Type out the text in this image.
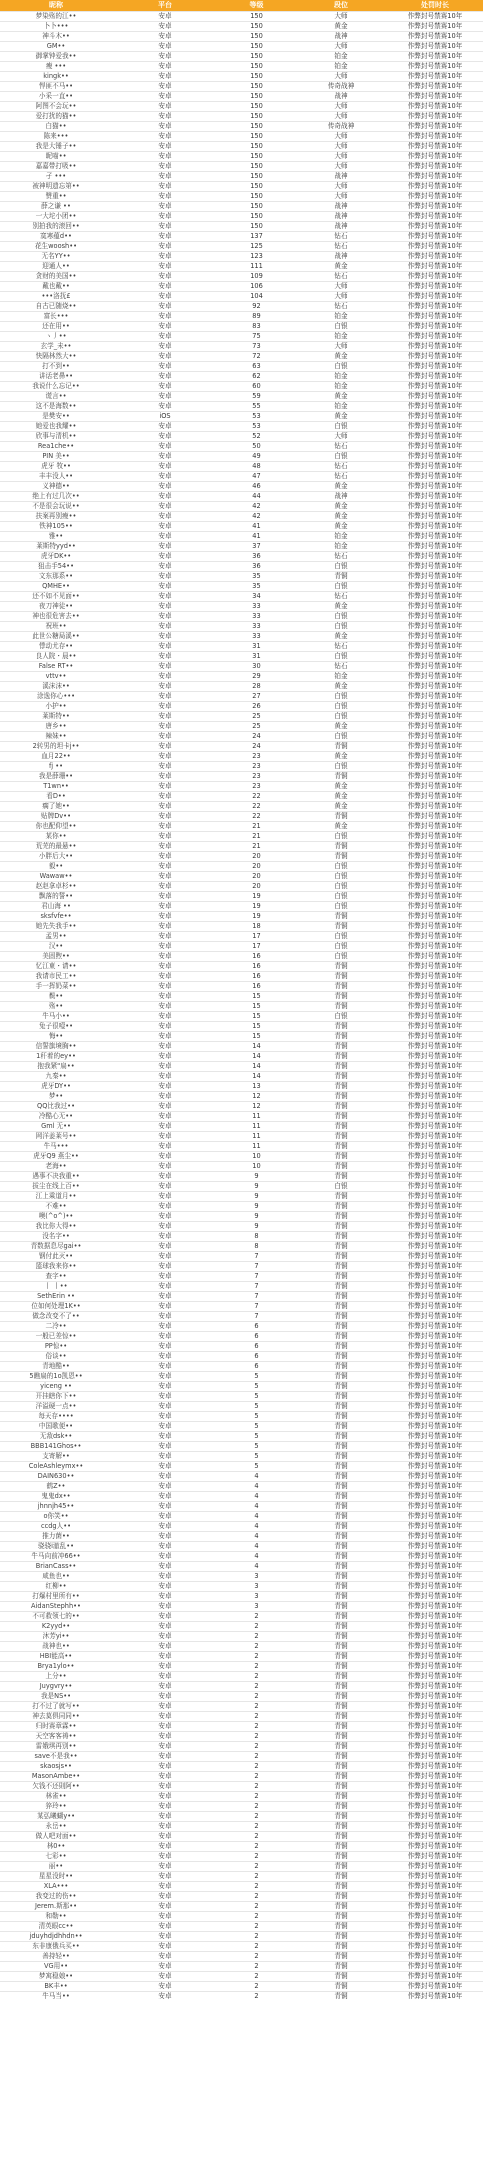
昵称	平台	等级	段位	处罚时长
梦染殇的江••	安卓	150	大师	作弊封号禁赛10年
卜卜•••	安卓	150	黄金	作弊封号禁赛10年
神斗木••	安卓	150	战神	作弊封号禁赛10年
GM••	安卓	150	大师	作弊封号禁赛10年
御掌钟爱我••	安卓	150	铂金	作弊封号禁赛10年
瘦 •••	安卓	150	铂金	作弊封号禁赛10年
kingk••	安卓	150	大师	作弊封号禁赛10年
悍匪不马••	安卓	150	传奇战神	作弊封号禁赛10年
小采一直••	安卓	150	战神	作弊封号禁赛10年
阿图不会玩••	安卓	150	大师	作弊封号禁赛10年
爱打扰的猫••	安卓	150	大师	作弊封号禁赛10年
白猫••	安卓	150	传奇战神	作弊封号禁赛10年
陈来•••	安卓	150	大师	作弊封号禁赛10年
我是大锤子••	安卓	150	大师	作弊封号禁赛10年
昵喵••	安卓	150	大师	作弊封号禁赛10年
嘉嘉带打吸••	安卓	150	大师	作弊封号禁赛10年
孑 •••	安卓	150	战神	作弊封号禁赛10年
被神明遗忘第••	安卓	150	大师	作弊封号禁赛10年
赞重••	安卓	150	大师	作弊封号禁赛10年
薛之谦 ••	安卓	150	战神	作弊封号禁赛10年
一大坨小团••	安卓	150	战神	作弊封号禁赛10年
别拍我的滚回••	安卓	150	战神	作弊封号禁赛10年
寞寒蕴d••	安卓	137	钻石	作弊封号禁赛10年
花生woosh••	安卓	125	钻石	作弊封号禁赛10年
无名YY••	安卓	123	战神	作弊封号禁赛10年
迎通人••	安卓	111	黄金	作弊封号禁赛10年
贪财的美国••	安卓	109	钻石	作弊封号禁赛10年
戴也戴••	安卓	106	大师	作弊封号禁赛10年
•••洛抚£	安卓	104	大师	作弊封号禁赛10年
自古已随烧••	安卓	92	钻石	作弊封号禁赛10年
富长•••	安卓	89	铂金	作弊封号禁赛10年
还在用••	安卓	83	白银	作弊封号禁赛10年
ヽ丿••	安卓	75	铂金	作弊封号禁赛10年
玄学_未••	安卓	73	大师	作弊封号禁赛10年
快隔林然大••	安卓	72	黄金	作弊封号禁赛10年
打不到••	安卓	63	白银	作弊封号禁赛10年
讲话老鼻••	安卓	62	铂金	作弊封号禁赛10年
我说什么忘记••	安卓	60	铂金	作弊封号禁赛10年
谎言••	安卓	59	黄金	作弊封号禁赛10年
这不是海数••	安卓	55	铂金	作弊封号禁赛10年
是樊安••	iOS	53	黄金	作弊封号禁赛10年
她爱也我耀••	安卓	53	白银	作弊封号禁赛10年
欣事与清机••	安卓	52	大师	作弊封号禁赛10年
Rea1che••	安卓	50	钻石	作弊封号禁赛10年
PIN 美••	安卓	49	白银	作弊封号禁赛10年
虎牙 牧••	安卓	48	钻石	作弊封号禁赛10年
丰丰没人••	安卓	47	钻石	作弊封号禁赛10年
义神德••	安卓	46	黄金	作弊封号禁赛10年
绝上有过几次••	安卓	44	战神	作弊封号禁赛10年
不是很会玩说••	安卓	42	黄金	作弊封号禁赛10年
扶案再别瘦••	安卓	42	黄金	作弊封号禁赛10年
铁神105••	安卓	41	黄金	作弊封号禁赛10年
雅••	安卓	41	铂金	作弊封号禁赛10年
莱斯特yyd••	安卓	37	铂金	作弊封号禁赛10年
虎牙DK••	安卓	36	钻石	作弊封号禁赛10年
狙击手54••	安卓	36	白银	作弊封号禁赛10年
文东那系••	安卓	35	青铜	作弊封号禁赛10年
QMHE••	安卓	35	白银	作弊封号禁赛10年
还不如不见面••	安卓	34	钻石	作弊封号禁赛10年
夜刀神徒••	安卓	33	黄金	作弊封号禁赛10年
神也很危害去••	安卓	33	白银	作弊封号禁赛10年
祝班••	安卓	33	白银	作弊封号禁赛10年
此世公糖局溪••	安卓	33	黄金	作弊封号禁赛10年
悸动尤存••	安卓	31	钻石	作弊封号禁赛10年
良人院・晨••	安卓	31	白银	作弊封号禁赛10年
False RT••	安卓	30	钻石	作弊封号禁赛10年
vttv••	安卓	29	铂金	作弊封号禁赛10年
溪沫沫••	安卓	28	黄金	作弊封号禁赛10年
涂逸你心•••	安卓	27	白银	作弊封号禁赛10年
小护••	安卓	26	白银	作弊封号禁赛10年
莱斯特••	安卓	25	白银	作弊封号禁赛10年
唐乡••	安卓	25	黄金	作弊封号禁赛10年
辣妹••	安卓	24	白银	作弊封号禁赛10年
2转男的坦卡j••	安卓	24	青铜	作弊封号禁赛10年
血月22••	安卓	23	黄金	作弊封号禁赛10年
fj ••	安卓	23	白银	作弊封号禁赛10年
我是薛珊••	安卓	23	青铜	作弊封号禁赛10年
T1wn••	安卓	23	黄金	作弊封号禁赛10年
看D••	安卓	22	黄金	作弊封号禁赛10年
瘸了她••	安卓	22	黄金	作弊封号禁赛10年
贴牌Dv••	安卓	22	青铜	作弊封号禁赛10年
你也配仰望••	安卓	21	黄金	作弊封号禁赛10年
某你••	安卓	21	白银	作弊封号禁赛10年
荒芜的最悬••	安卓	21	青铜	作弊封号禁赛10年
小胖后大••	安卓	20	青铜	作弊封号禁赛10年
毅••	安卓	20	白银	作弊封号禁赛10年
Wawaw••	安卓	20	白银	作弊封号禁赛10年
赵赵拿卓杉••	安卓	20	白银	作弊封号禁赛10年
飘落的誓••	安卓	19	白银	作弊封号禁赛10年
君山海 ••	安卓	19	白银	作弊封号禁赛10年
sksfvfe••	安卓	19	青铜	作弊封号禁赛10年
她先失我手••	安卓	18	青铜	作弊封号禁赛10年
孟男••	安卓	17	白银	作弊封号禁赛10年
汉••	安卓	17	白银	作弊封号禁赛10年
美固煦••	安卓	16	白银	作弊封号禁赛10年
忆江東・请••	安卓	16	青铜	作弊封号禁赛10年
我请市民工••	安卓	16	青铜	作弊封号禁赛10年
手一挥奶菜••	安卓	16	青铜	作弊封号禁赛10年
鬓••	安卓	15	青铜	作弊封号禁赛10年
殇••	安卓	15	青铜	作弊封号禁赛10年
牛马小••	安卓	15	白银	作弊封号禁赛10年
兔子很噎••	安卓	15	青铜	作弊封号禁赛10年
悔••	安卓	15	青铜	作弊封号禁赛10年
信誓旗境胸••	安卓	14	青铜	作弊封号禁赛10年
1秆着的ey••	安卓	14	青铜	作弊封号禁赛10年
抱我紧"扁••	安卓	14	青铜	作弊封号禁赛10年
九秦••	安卓	14	青铜	作弊封号禁赛10年
虎牙DY••	安卓	13	青铜	作弊封号禁赛10年
梦••	安卓	12	青铜	作弊封号禁赛10年
QQ比我过••	安卓	12	青铜	作弊封号禁赛10年
冷酷心无••	安卓	11	青铜	作弊封号禁赛10年
Gml 无••	安卓	11	青铜	作弊封号禁赛10年
网洋姜莱号••	安卓	11	青铜	作弊封号禁赛10年
牛马•••	安卓	11	青铜	作弊封号禁赛10年
虎牙Q9 燕尘••	安卓	10	青铜	作弊封号禁赛10年
老海••	安卓	10	青铜	作弊封号禁赛10年
遇事不决我重••	安卓	9	青铜	作弊封号禁赛10年
拔尘在线上百••	安卓	9	白银	作弊封号禁赛10年
江上乘道月••	安卓	9	青铜	作弊封号禁赛10年
不难••	安卓	9	青铜	作弊封号禁赛10年
噢(^o^)••	安卓	9	青铜	作弊封号禁赛10年
我比你大得••	安卓	9	青铜	作弊封号禁赛10年
没名字••	安卓	8	青铜	作弊封号禁赛10年
青数据息尽gai••	安卓	8	青铜	作弊封号禁赛10年
钢付此灭••	安卓	7	青铜	作弊封号禁赛10年
篮球我来你••	安卓	7	青铜	作弊封号禁赛10年
查字••	安卓	7	青铜	作弊封号禁赛10年
丨 丨••	安卓	7	青铜	作弊封号禁赛10年
SethErin ••	安卓	7	青铜	作弊封号禁赛10年
位如何处理1K••	安卓	7	青铜	作弊封号禁赛10年
做念改变不了••	安卓	7	青铜	作弊封号禁赛10年
二冷••	安卓	6	青铜	作弊封号禁赛10年
一般已差惊••	安卓	6	青铜	作弊封号禁赛10年
PP惊••	安卓	6	青铜	作弊封号禁赛10年
俗谈••	安卓	6	青铜	作弊封号禁赛10年
青地酷••	安卓	6	青铜	作弊封号禁赛10年
5瞧扁的1o凯恩••	安卓	5	青铜	作弊封号禁赛10年
yiceng ••	安卓	5	青铜	作弊封号禁赛10年
开挂瞎你下••	安卓	5	青铜	作弊封号禁赛10年
洋溢硬一点••	安卓	5	青铜	作弊封号禁赛10年
每天存••••	安卓	5	青铜	作弊封号禁赛10年
中国歌便••	安卓	5	青铜	作弊封号禁赛10年
无敌dsk••	安卓	5	青铜	作弊封号禁赛10年
BBB141Ghos••	安卓	5	青铜	作弊封号禁赛10年
支寄解••	安卓	5	青铜	作弊封号禁赛10年
ColeAshleymx••	安卓	5	青铜	作弊封号禁赛10年
DAIN630••	安卓	4	青铜	作弊封号禁赛10年
鹤Z••	安卓	4	青铜	作弊封号禁赛10年
鬼鬼dx••	安卓	4	青铜	作弊封号禁赛10年
jhnnjh45••	安卓	4	青铜	作弊封号禁赛10年
o你笑••	安卓	4	青铜	作弊封号禁赛10年
ccdg人••	安卓	4	青铜	作弊封号禁赛10年
推力菌••	安卓	4	青铜	作弊封号禁赛10年
骁骁i澈乱••	安卓	4	青铜	作弊封号禁赛10年
牛马向前冲66••	安卓	4	青铜	作弊封号禁赛10年
BrianCass••	安卓	4	青铜	作弊封号禁赛10年
咸鱼也••	安卓	3	青铜	作弊封号禁赛10年
红柳••	安卓	3	青铜	作弊封号禁赛10年
打爆村里所有••	安卓	3	青铜	作弊封号禁赛10年
AidanStephh••	安卓	3	青铜	作弊封号禁赛10年
不可救领七的••	安卓	2	青铜	作弊封号禁赛10年
K2yyd••	安卓	2	青铜	作弊封号禁赛10年
沐芳yi••	安卓	2	青铜	作弊封号禁赛10年
战神也••	安卓	2	青铜	作弊封号禁赛10年
HBI能高••	安卓	2	青铜	作弊封号禁赛10年
Brya1ylo••	安卓	2	青铜	作弊封号禁赛10年
上分••	安卓	2	青铜	作弊封号禁赛10年
Juygvry••	安卓	2	青铜	作弊封号禁赛10年
我是NS••	安卓	2	青铜	作弊封号禁赛10年
打不过了就写••	安卓	2	青铜	作弊封号禁赛10年
神去莫俱同同••	安卓	2	青铜	作弊封号禁赛10年
归时赛章霖••	安卓	2	青铜	作弊封号禁赛10年
天空客客祷••	安卓	2	青铜	作弊封号禁赛10年
雷娥琪再别••	安卓	2	青铜	作弊封号禁赛10年
save不是我••	安卓	2	青铜	作弊封号禁赛10年
skaosjs••	安卓	2	青铜	作弊封号禁赛10年
MasonAmbe••	安卓	2	青铜	作弊封号禁赛10年
欠钱不还則阿••	安卓	2	青铜	作弊封号禁赛10年
林雀••	安卓	2	青铜	作弊封号禁赛10年
猝玲••	安卓	2	青铜	作弊封号禁赛10年
某弘曦蝴y••	安卓	2	青铜	作弊封号禁赛10年
永岳••	安卓	2	青铜	作弊封号禁赛10年
做人吧对面••	安卓	2	青铜	作弊封号禁赛10年
林0••	安卓	2	青铜	作弊封号禁赛10年
七彩••	安卓	2	青铜	作弊封号禁赛10年
丽••	安卓	2	青铜	作弊封号禁赛10年
星星没时••	安卓	2	青铜	作弊封号禁赛10年
XLA•••	安卓	2	青铜	作弊封号禁赛10年
我变过的伤••	安卓	2	青铜	作弊封号禁赛10年
Jerem.斯那••	安卓	2	青铜	作弊封号禁赛10年
和勒••	安卓	2	青铜	作弊封号禁赛10年
清英眼cc••	安卓	2	青铜	作弊封号禁赛10年
jduyhdjdhhdn••	安卓	2	青铜	作弊封号禁赛10年
东非康俄兵买••	安卓	2	青铜	作弊封号禁赛10年
善持轻••	安卓	2	青铜	作弊封号禁赛10年
VG用••	安卓	2	青铜	作弊封号禁赛10年
梦寓稳娘••	安卓	2	青铜	作弊封号禁赛10年
BK丰••	安卓	2	青铜	作弊封号禁赛10年
牛马当••	安卓	2	青铜	作弊封号禁赛10年
